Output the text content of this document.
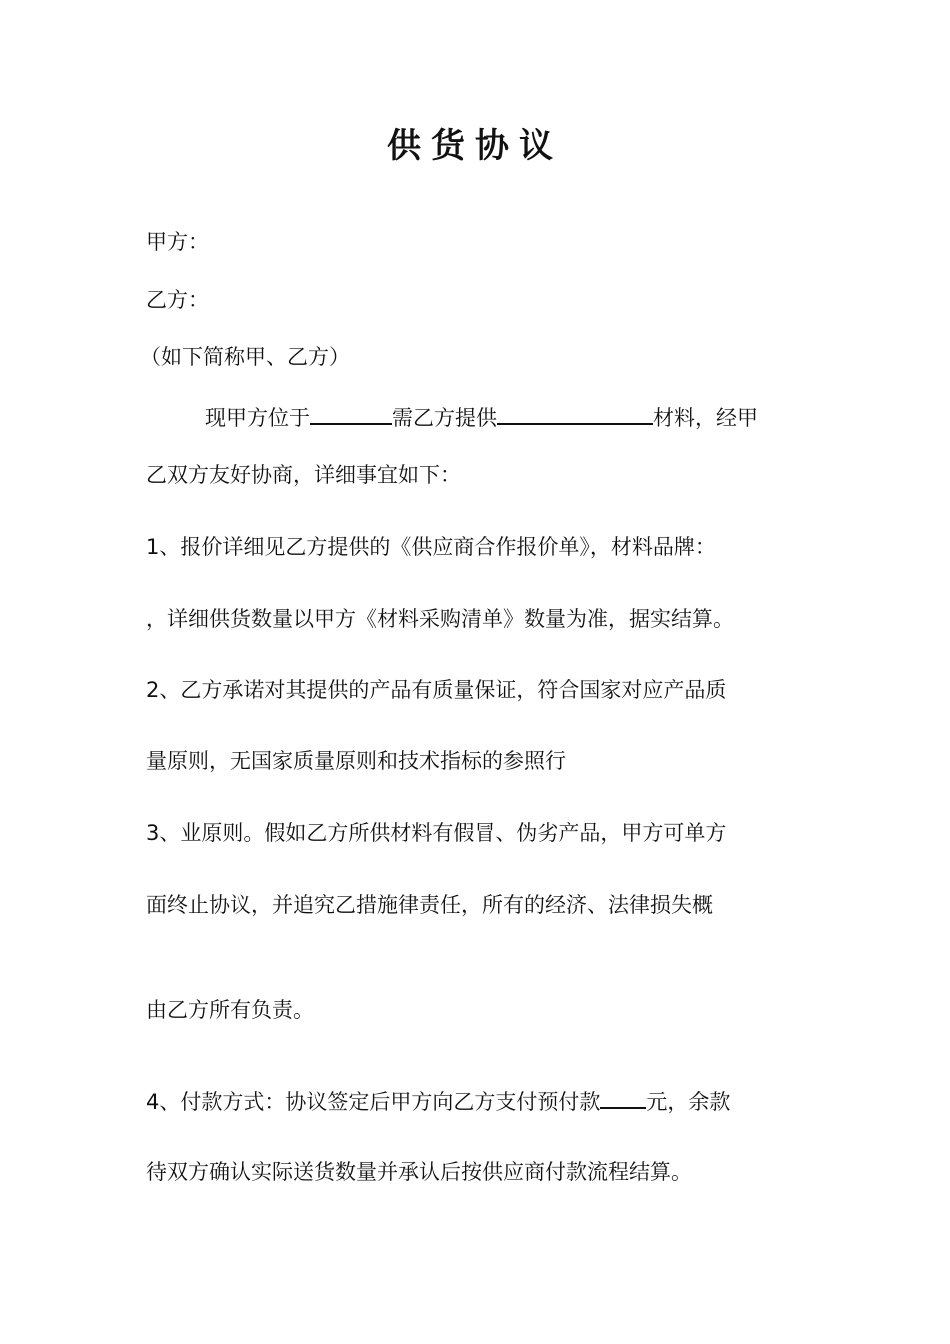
供货协议
甲方：
乙方：
（如下简称甲、乙方）
现甲方位于	需乙方提供	材料，经甲
乙双方友好协商，详细事宜如下：
1、报价详细见乙方提供的《供应商合作报价单》，材料品牌：
，详细供货数量以甲方《材料采购清单》数量为准，据实结算。
2、乙方承诺对其提供的产品有质量保证，符合国家对应产品质
量原则，无国家质量原则和技术指标的参照行
3、业原则。假如乙方所供材料有假冒、伪劣产品，甲方可单方
面终止协议，并追究乙措施律责任，所有的经济、法律损失概
由乙方所有负责。
4、付款方式：协议签定后甲方向乙方支付预付款 元，余款
待双方确认实际送货数量并承认后按供应商付款流程结算。
